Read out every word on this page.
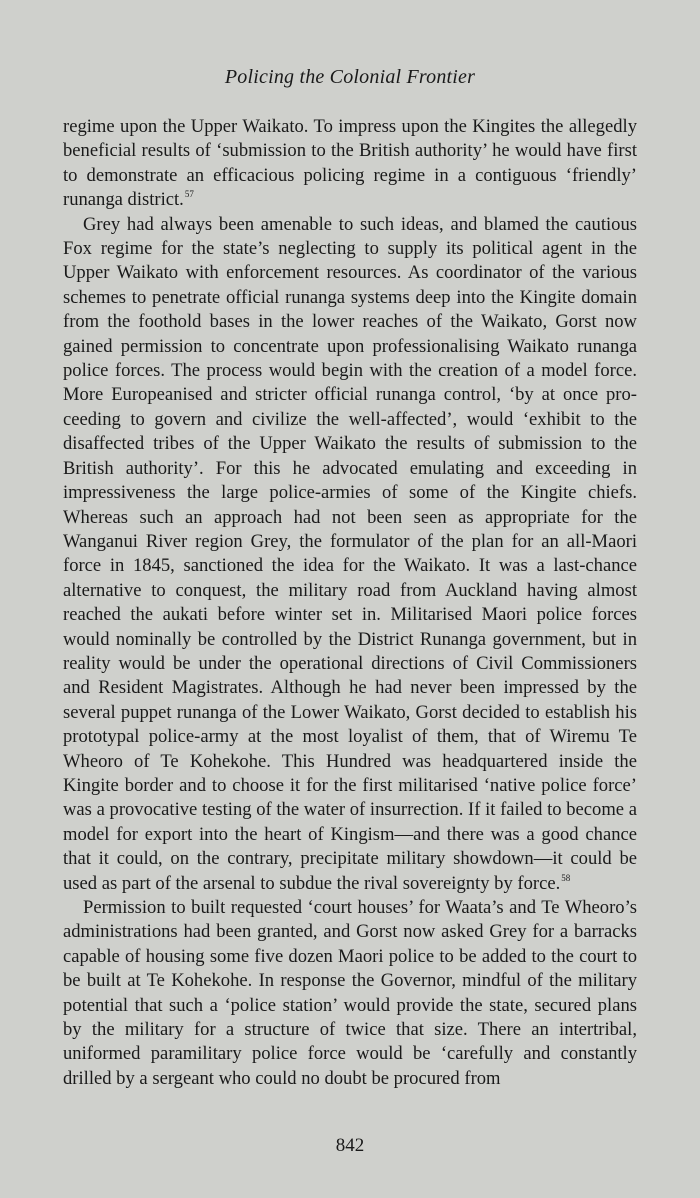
Policing the Colonial Frontier

regime upon the Upper Waikato. To impress upon the Kingites the allegedly beneficial results of ‘submission to the British authority’ he would have first to demonstrate an efficacious policing regime in a contiguous ‘friendly’ runanga district.$^{57}$

Grey had always been amenable to such ideas, and blamed the cautious Fox regime for the state’s neglecting to supply its political agent in the Upper Waikato with enforcement resources. As coordinator of the various schemes to penetrate official runanga systems deep into the Kingite domain from the foothold bases in the lower reaches of the Waikato, Gorst now gained permission to concentrate upon professionalising Waikato runanga police forces. The process would begin with the creation of a model force. More Europeanised and stricter official runanga control, ‘by at once proceeding to govern and civilize the well-affected’, would ‘exhibit to the disaffected tribes of the Upper Waikato the results of submission to the British authority’. For this he advocated emulating and exceeding in impressiveness the large police-armies of some of the Kingite chiefs. Whereas such an approach had not been seen as appropriate for the Wanganui River region Grey, the formulator of the plan for an all-Maori force in 1845, sanctioned the idea for the Waikato. It was a last-chance alternative to conquest, the military road from Auckland having almost reached the aukati before winter set in. Militarised Maori police forces would nominally be controlled by the District Runanga government, but in reality would be under the operational directions of Civil Commissioners and Resident Magistrates. Although he had never been impressed by the several puppet runanga of the Lower Waikato, Gorst decided to establish his prototypal police-army at the most loyalist of them, that of Wiremu Te Wheoro of Te Kohekohe. This Hundred was headquartered inside the Kingite border and to choose it for the first militarised ‘native police force’ was a provocative testing of the water of insurrection. If it failed to become a model for export into the heart of Kingism—and there was a good chance that it could, on the contrary, precipitate military showdown—it could be used as part of the arsenal to subdue the rival sovereignty by force.$^{58}$

Permission to built requested ‘court houses’ for Waata’s and Te Wheoro’s administrations had been granted, and Gorst now asked Grey for a barracks capable of housing some five dozen Maori police to be added to the court to be built at Te Kohekohe. In response the Governor, mindful of the military potential that such a ‘police station’ would provide the state, secured plans by the military for a structure of twice that size. There an intertribal, uniformed paramilitary police force would be ‘carefully and constantly drilled by a sergeant who could no doubt be procured from

842
